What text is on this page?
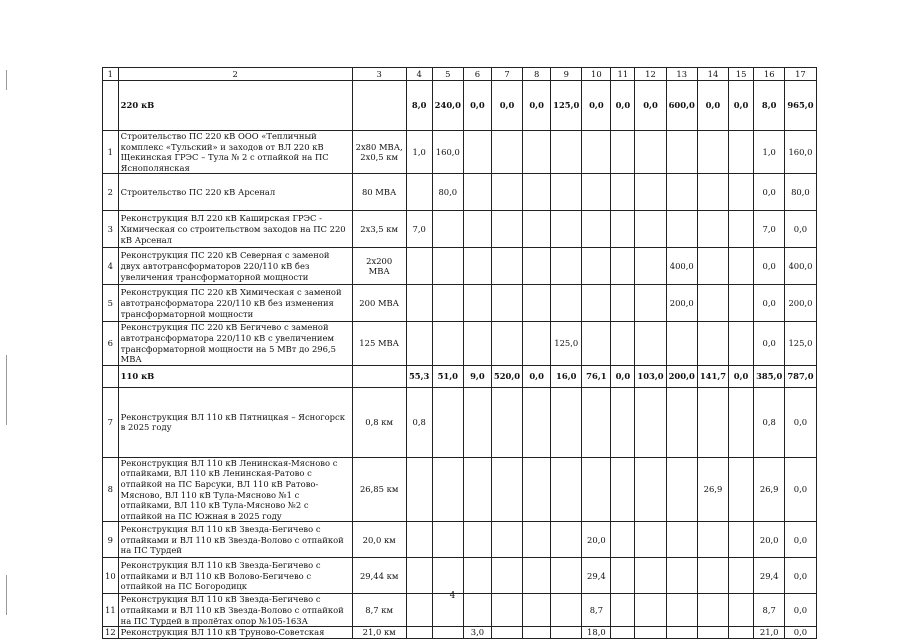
1	2	3	4	5	6	7	8	9	10	11	12	13	14	15	16	17
	220 кВ		8,0	240,0	0,0	0,0	0,0	125,0	0,0	0,0	0,0	600,0	0,0	0,0	8,0	965,0
1	Строительство ПС 220 кВ ООО «Тепличный комплекс «Тульский» и заходов от ВЛ 220 кВ Щекинская ГРЭС – Тула № 2 с отпайкой на ПС Яснополянская	2х80 МВА, 2х0,5 км	1,0	160,0											1,0	160,0
2	Строительство ПС 220 кВ Арсенал	80 МВА		80,0											0,0	80,0
3	Реконструкция ВЛ 220 кВ Каширская ГРЭС - Химическая со строительством заходов на ПС 220 кВ Арсенал	2х3,5 км	7,0												7,0	0,0
4	Реконструкция ПС 220 кВ Северная с заменой двух автотрансформаторов 220/110 кВ без увеличения трансформаторной мощности	2х200 МВА										400,0			0,0	400,0
5	Реконструкция ПС 220 кВ Химическая с заменой автотрансформатора 220/110 кВ без изменения трансформаторной мощности	200 МВА										200,0			0,0	200,0
6	Реконструкция ПС 220 кВ Бегичево с заменой автотрансформатора 220/110 кВ с увеличением трансформаторной мощности на 5 МВт до 296,5 МВА	125 МВА						125,0							0,0	125,0
	110 кВ		55,3	51,0	9,0	520,0	0,0	16,0	76,1	0,0	103,0	200,0	141,7	0,0	385,0	787,0
7	Реконструкция ВЛ 110 кВ Пятницкая – Ясногорск в 2025 году	0,8 км	0,8												0,8	0,0
8	Реконструкция ВЛ 110 кВ Ленинская-Мясново с отпайками, ВЛ 110 кВ Ленинская-Ратово с отпайкой на ПС Барсуки, ВЛ 110 кВ Ратово- Мясново, ВЛ 110 кВ Тула-Мясново №1 с отпайками, ВЛ 110 кВ Тула-Мясново №2 с отпайкой на ПС Южная в 2025 году	26,85 км											26,9		26,9	0,0
9	Реконструкция ВЛ 110 кВ Звезда-Бегичево с отпайками и ВЛ 110 кВ Звезда-Волово с отпайкой на ПС Турдей	20,0 км							20,0						20,0	0,0
10	Реконструкция ВЛ 110 кВ Звезда-Бегичево с отпайками и ВЛ 110 кВ Волово-Бегичево с отпайкой на ПС Богородицк	29,44 км							29,4						29,4	0,0
11	Реконструкция ВЛ 110 кВ Звезда-Бегичево с отпайками и ВЛ 110 кВ Звезда-Волово с отпайкой на ПС Турдей в пролётах опор №105-163А	8,7 км							8,7						8,7	0,0
12	Реконструкция ВЛ 110 кВ Труново-Советская	21,0 км			3,0				18,0						21,0	0,0
4
